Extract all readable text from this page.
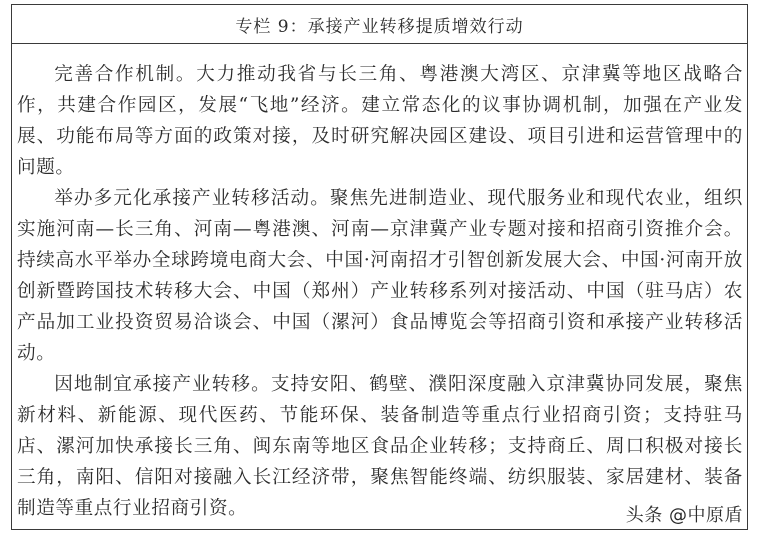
专栏 9：承接产业转移提质增效行动

完善合作机制。大力推动我省与长三角、粤港澳大湾区、京津冀等地区战略合作，共建合作园区，发展“飞地”经济。建立常态化的议事协调机制，加强在产业发展、功能布局等方面的政策对接，及时研究解决园区建设、项目引进和运营管理中的问题。

举办多元化承接产业转移活动。聚焦先进制造业、现代服务业和现代农业，组织实施河南—长三角、河南—粤港澳、河南—京津冀产业专题对接和招商引资推介会。持续高水平举办全球跨境电商大会、中国·河南招才引智创新发展大会、中国·河南开放创新暨跨国技术转移大会、中国（郑州）产业转移系列对接活动、中国（驻马店）农产品加工业投资贸易洽谈会、中国（漯河）食品博览会等招商引资和承接产业转移活动。

因地制宜承接产业转移。支持安阳、鹤壁、濮阳深度融入京津冀协同发展，聚焦新材料、新能源、现代医药、节能环保、装备制造等重点行业招商引资；支持驻马店、漯河加快承接长三角、闽东南等地区食品企业转移；支持商丘、周口积极对接长三角，南阳、信阳对接融入长江经济带，聚焦智能终端、纺织服装、家居建材、装备制造等重点行业招商引资。	头条 @中原盾
